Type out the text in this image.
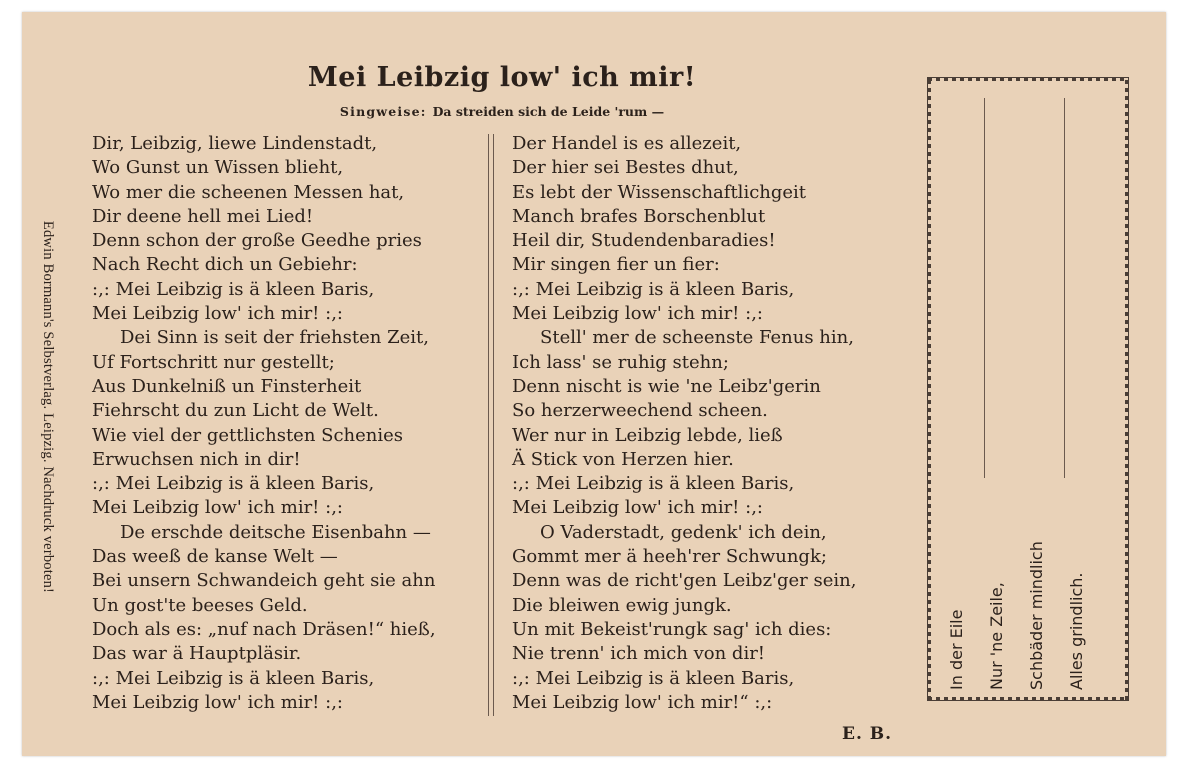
Edwin Bormann's Selbstverlag. Leipzig. Nachdruck verboten!
Mei Leibzig low' ich mir!
Singweise: Da streiden sich de Leide 'rum —
Dir, Leibzig, liewe Lindenstadt,
Wo Gunst un Wissen blieht,
Wo mer die scheenen Messen hat,
Dir deene hell mei Lied!
Denn schon der große Geedhe pries
Nach Recht dich un Gebiehr:
:,: Mei Leibzig is ä kleen Baris,
Mei Leibzig low' ich mir! :,:
Dei Sinn is seit der friehsten Zeit,
Uf Fortschritt nur gestellt;
Aus Dunkelniß un Finsterheit
Fiehrscht du zun Licht de Welt.
Wie viel der gettlichsten Schenies
Erwuchsen nich in dir!
:,: Mei Leibzig is ä kleen Baris,
Mei Leibzig low' ich mir! :,:
De erschde deitsche Eisenbahn —
Das weeß de kanse Welt —
Bei unsern Schwandeich geht sie ahn
Un gost'te beeses Geld.
Doch als es: „nuf nach Dräsen!“ hieß,
Das war ä Hauptpläsir.
:,: Mei Leibzig is ä kleen Baris,
Mei Leibzig low' ich mir! :,:
Der Handel is es allezeit,
Der hier sei Bestes dhut,
Es lebt der Wissenschaftlichgeit
Manch brafes Borschenblut
Heil dir, Studendenbaradies!
Mir singen fier un fier:
:,: Mei Leibzig is ä kleen Baris,
Mei Leibzig low' ich mir! :,:
Stell' mer de scheenste Fenus hin,
Ich lass' se ruhig stehn;
Denn nischt is wie 'ne Leibz'gerin
So herzerweechend scheen.
Wer nur in Leibzig lebde, ließ
Ä Stick von Herzen hier.
:,: Mei Leibzig is ä kleen Baris,
Mei Leibzig low' ich mir! :,:
O Vaderstadt, gedenk' ich dein,
Gommt mer ä heeh'rer Schwungk;
Denn was de richt'gen Leibz'ger sein,
Die bleiwen ewig jungk.
Un mit Bekeist'rungk sag' ich dies:
Nie trenn' ich mich von dir!
:,: Mei Leibzig is ä kleen Baris,
Mei Leibzig low' ich mir!“ :,:
E. B.
In der Eile	Nur 'ne Zeile,	Schbäder mindlich	Alles grindlich.
